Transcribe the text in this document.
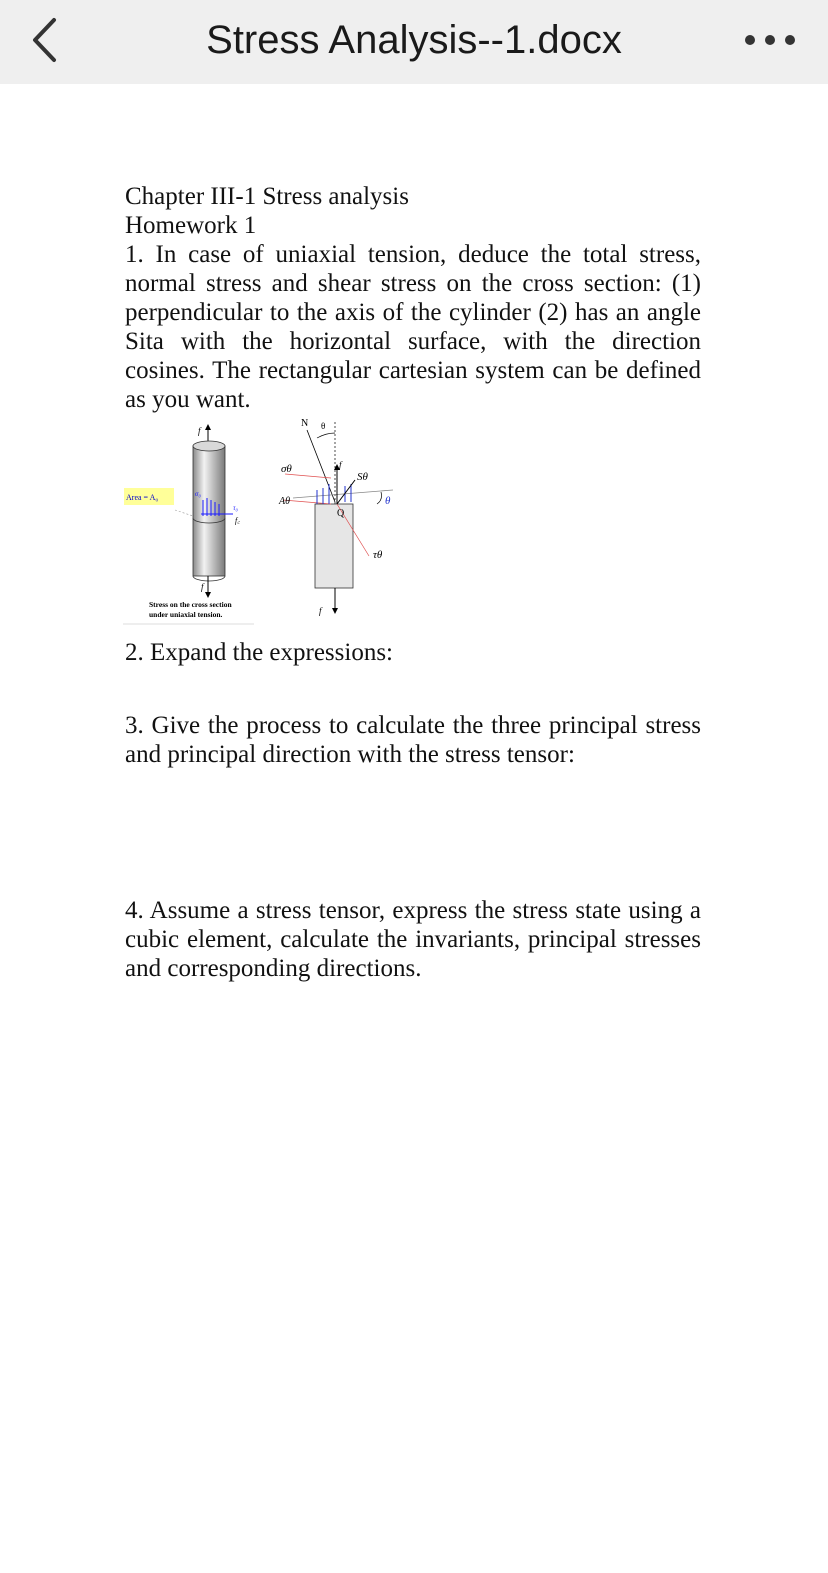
Stress Analysis--1.docx

Chapter III-1 Stress analysis

Homework 1

1. In case of uniaxial tension, deduce the total stress, normal stress and shear stress on the cross section: (1) perpendicular to the axis of the cylinder (2) has an angle Sita with the horizontal surface, with the direction cosines. The rectangular cartesian system can be defined as you want.

f
Area = A₀	σ₀
τ₀
f꜀
f
Stress on the cross section
under uniaxial tension.
N θ
f
Sθ
σθ
Aθ
Q
θ
τθ
f

2. Expand the expressions:

3. Give the process to calculate the three principal stress and principal direction with the stress tensor:

4. Assume a stress tensor, express the stress state using a cubic element, calculate the invariants, principal stresses and corresponding directions.
